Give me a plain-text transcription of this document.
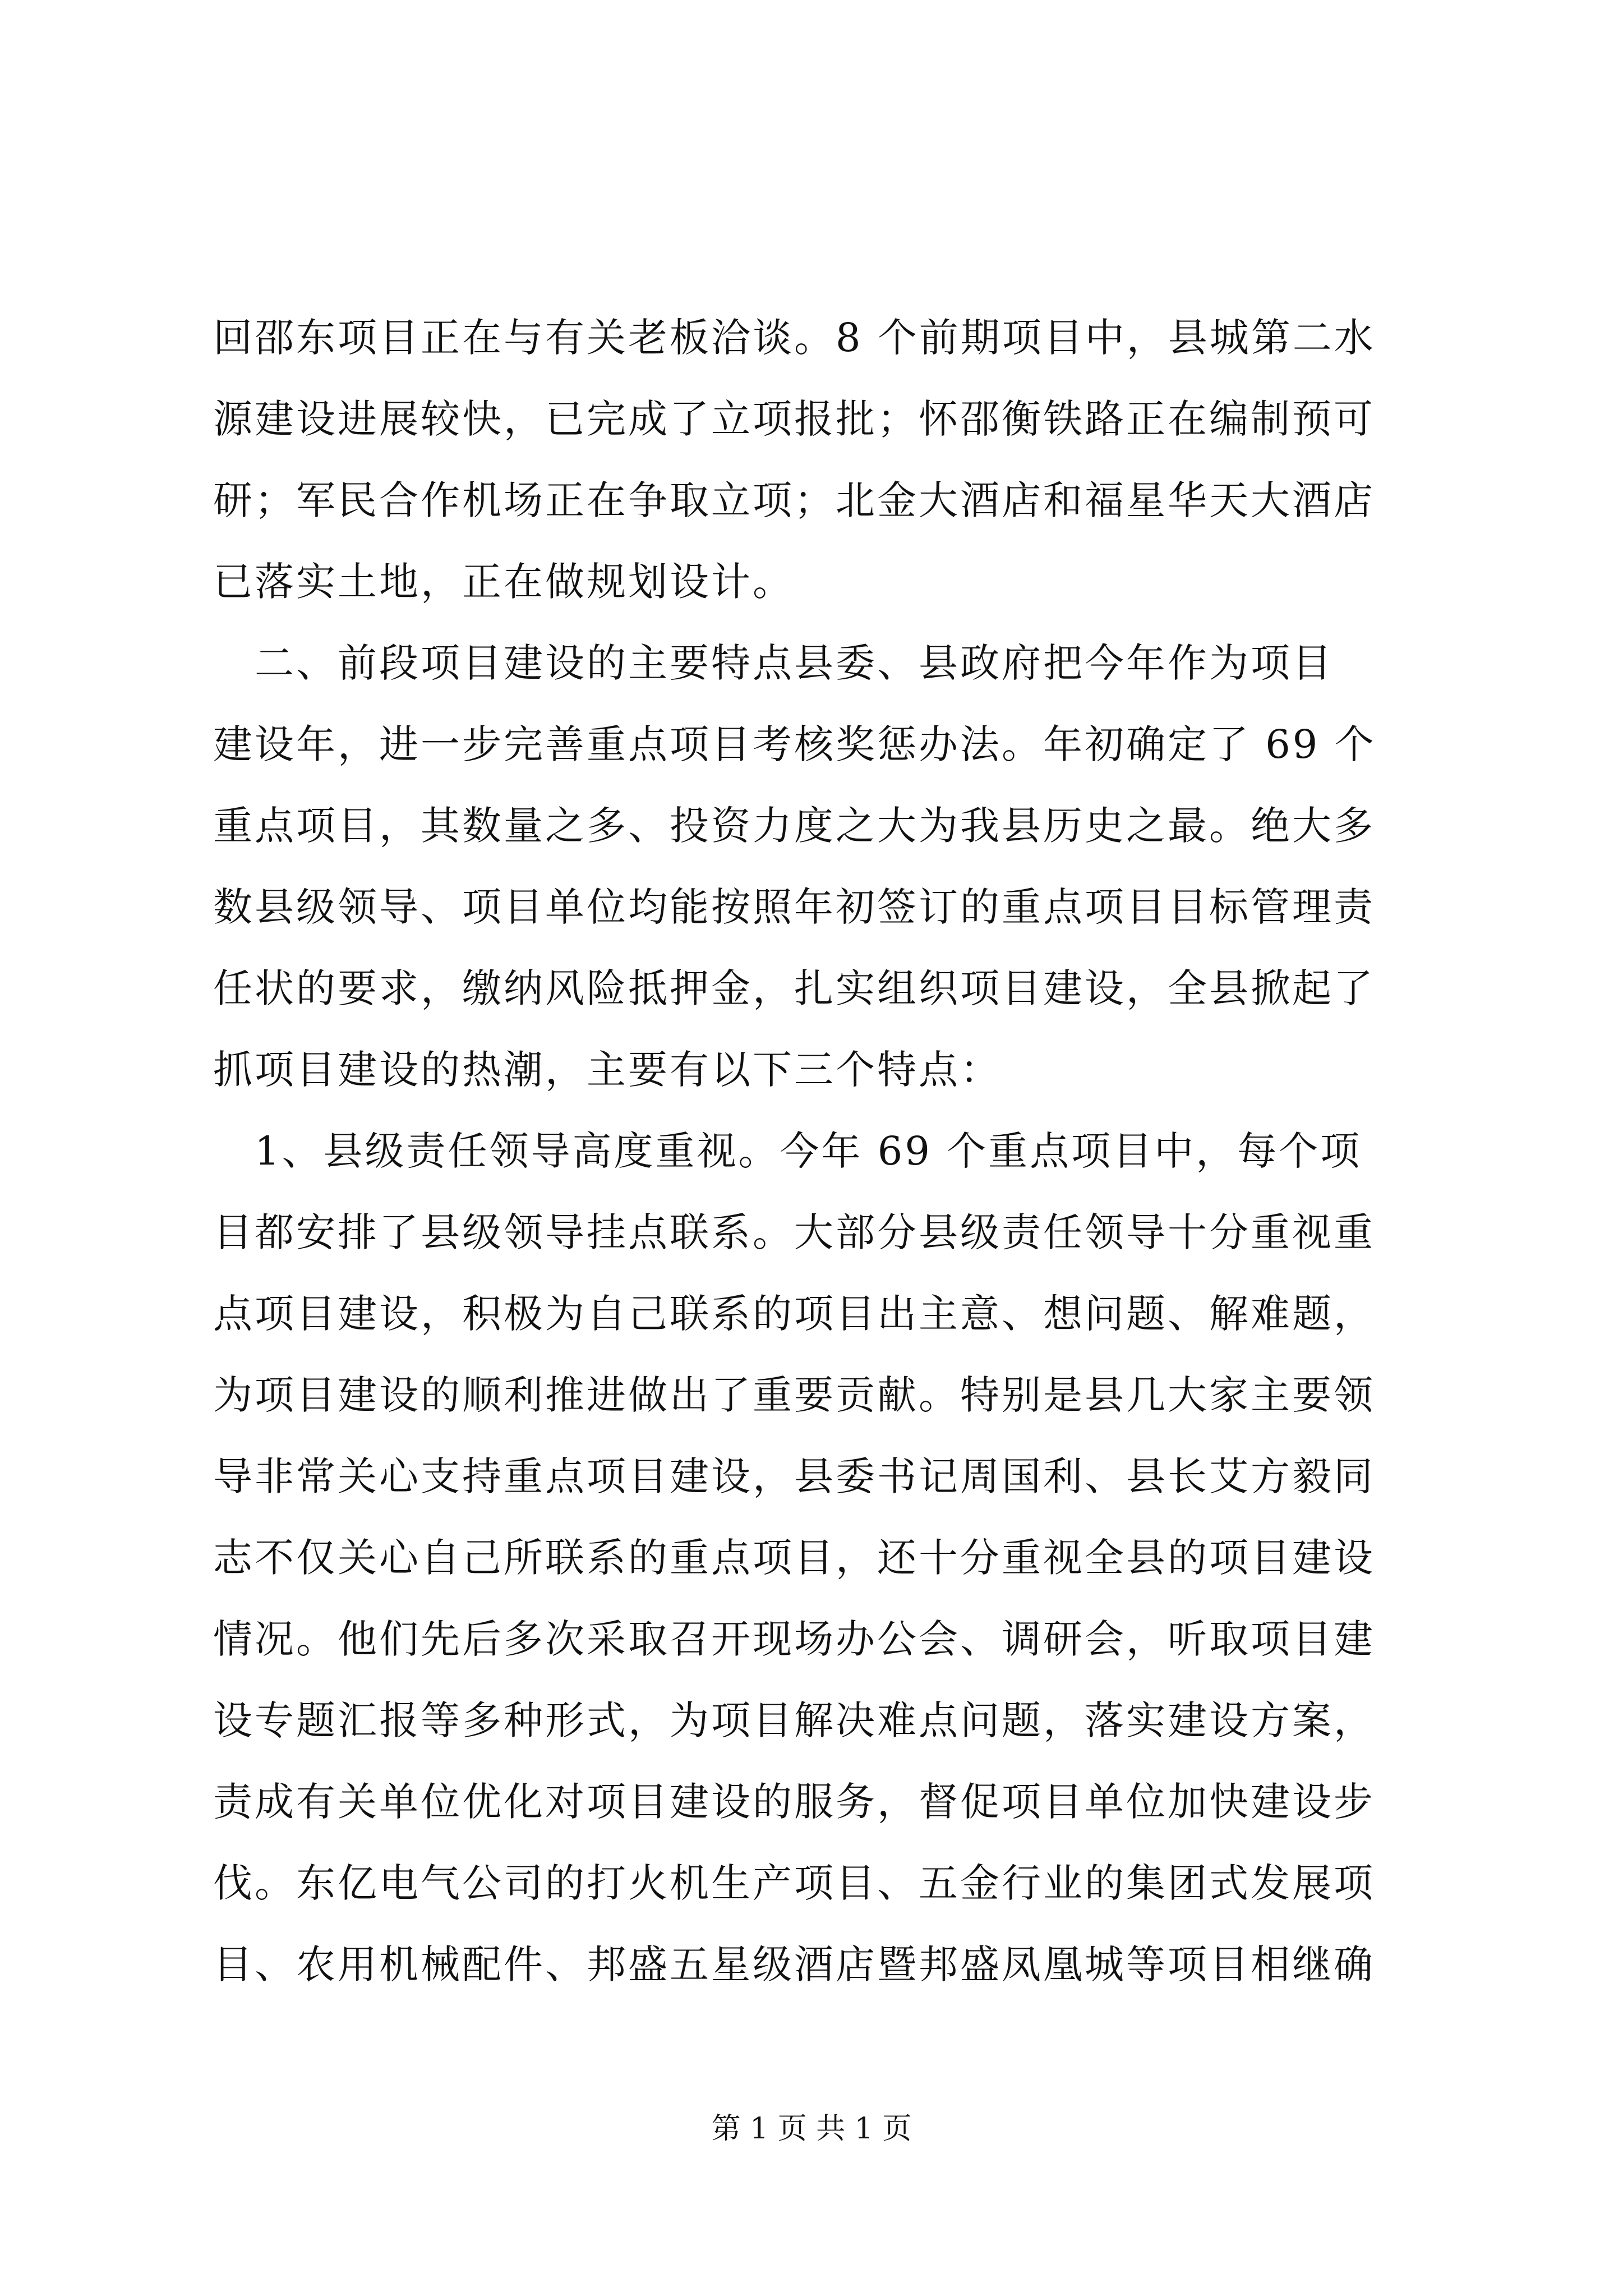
回邵东项目正在与有关老板洽谈。8 个前期项目中，县城第二水
源建设进展较快，已完成了立项报批；怀邵衡铁路正在编制预可
研；军民合作机场正在争取立项；北金大酒店和福星华天大酒店
已落实土地，正在做规划设计。
　二、前段项目建设的主要特点县委、县政府把今年作为项目
建设年，进一步完善重点项目考核奖惩办法。年初确定了 69 个
重点项目，其数量之多、投资力度之大为我县历史之最。绝大多
数县级领导、项目单位均能按照年初签订的重点项目目标管理责
任状的要求，缴纳风险抵押金，扎实组织项目建设，全县掀起了
抓项目建设的热潮，主要有以下三个特点：
　1、县级责任领导高度重视。今年 69 个重点项目中，每个项
目都安排了县级领导挂点联系。大部分县级责任领导十分重视重
点项目建设，积极为自己联系的项目出主意、想问题、解难题，
为项目建设的顺利推进做出了重要贡献。特别是县几大家主要领
导非常关心支持重点项目建设，县委书记周国利、县长艾方毅同
志不仅关心自己所联系的重点项目，还十分重视全县的项目建设
情况。他们先后多次采取召开现场办公会、调研会，听取项目建
设专题汇报等多种形式，为项目解决难点问题，落实建设方案，
责成有关单位优化对项目建设的服务，督促项目单位加快建设步
伐。东亿电气公司的打火机生产项目、五金行业的集团式发展项
目、农用机械配件、邦盛五星级酒店暨邦盛凤凰城等项目相继确
第 1 页 共 1 页
